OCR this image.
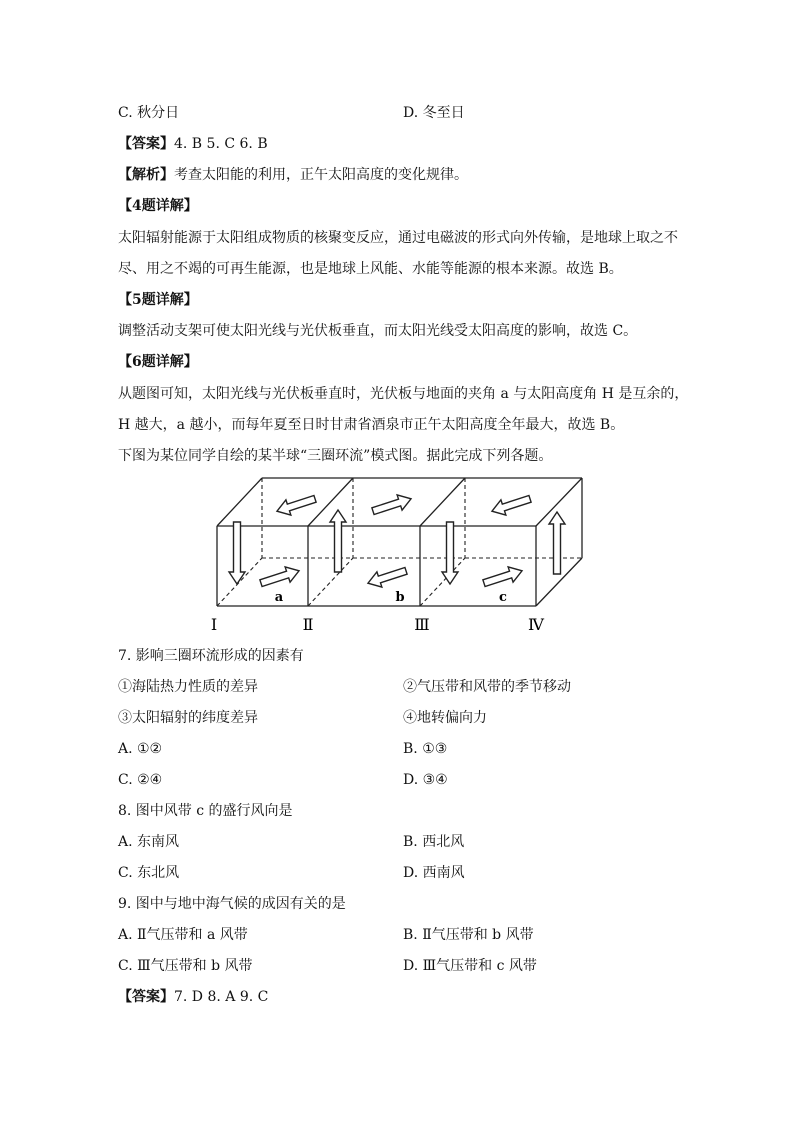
C. 秋分日	D. 冬至日
【答案】4. B 5. C 6. B
【解析】考查太阳能的利用，正午太阳高度的变化规律。
【4题详解】
太阳辐射能源于太阳组成物质的核聚变反应，通过电磁波的形式向外传输，是地球上取之不
尽、用之不竭的可再生能源，也是地球上风能、水能等能源的根本来源。故选 B。
【5题详解】
调整活动支架可使太阳光线与光伏板垂直，而太阳光线受太阳高度的影响，故选 C。
【6题详解】
从题图可知，太阳光线与光伏板垂直时，光伏板与地面的夹角 a 与太阳高度角 H 是互余的，
H 越大，a 越小，而每年夏至日时甘肃省酒泉市正午太阳高度全年最大，故选 B。
下图为某位同学自绘的某半球“三圈环流”模式图。据此完成下列各题。
a	b	c
Ⅰ	Ⅱ	Ⅲ	Ⅳ
7. 影响三圈环流形成的因素有
①海陆热力性质的差异	②气压带和风带的季节移动
③太阳辐射的纬度差异	④地转偏向力
A. ①②	B. ①③
C. ②④	D. ③④
8. 图中风带 c 的盛行风向是
A. 东南风	B. 西北风
C. 东北风	D. 西南风
9. 图中与地中海气候的成因有关的是
A. Ⅱ气压带和 a 风带	B. Ⅱ气压带和 b 风带
C. Ⅲ气压带和 b 风带	D. Ⅲ气压带和 c 风带
【答案】7. D 8. A 9. C
